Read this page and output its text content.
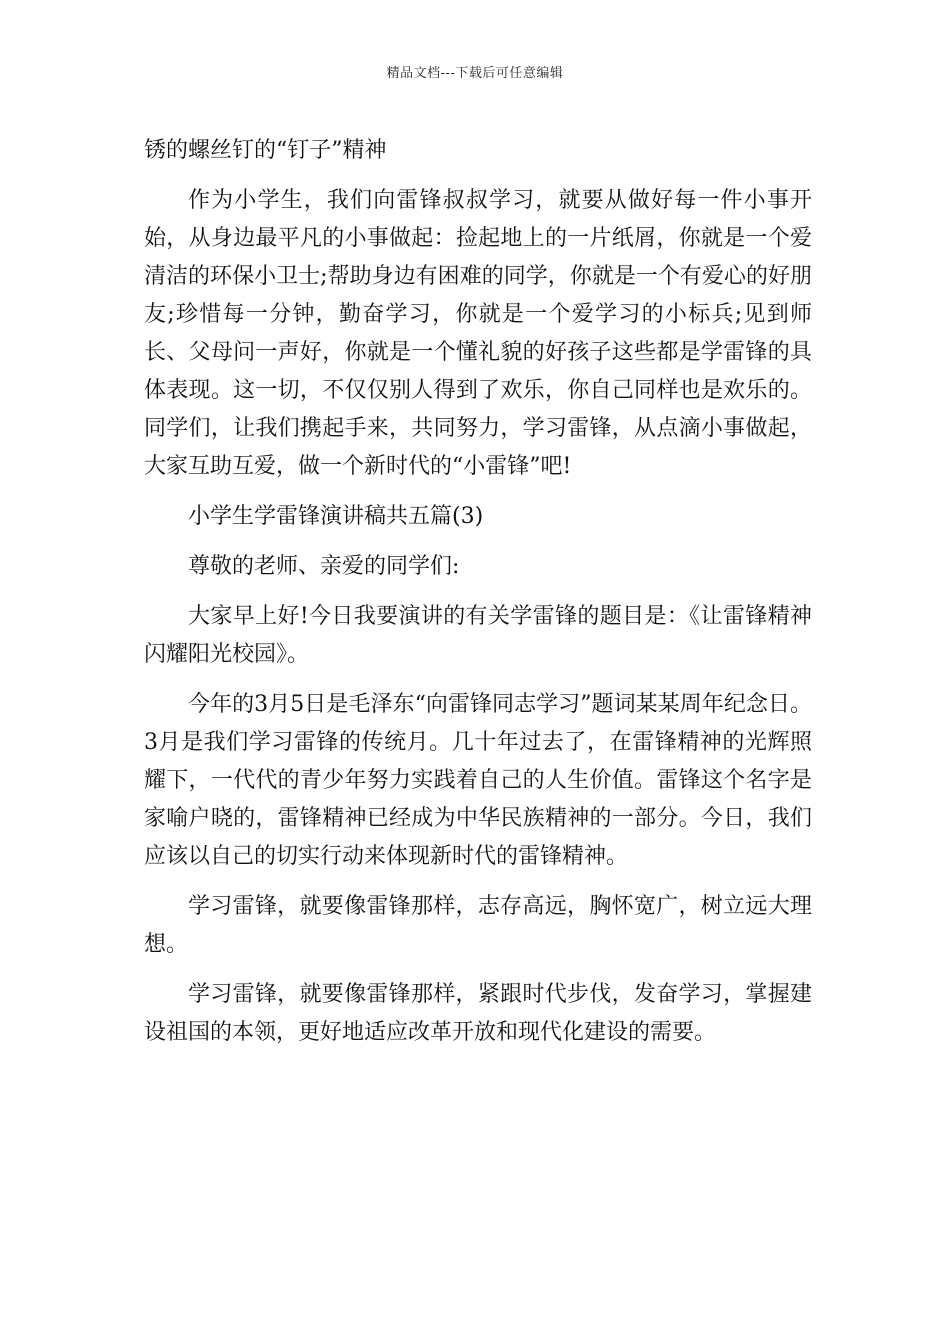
精品文档---下载后可任意编辑

锈的螺丝钉的“钉子”精神

作为小学生，我们向雷锋叔叔学习，就要从做好每一件小事开始，从身边最平凡的小事做起：捡起地上的一片纸屑，你就是一个爱清洁的环保小卫士;帮助身边有困难的同学，你就是一个有爱心的好朋友;珍惜每一分钟，勤奋学习，你就是一个爱学习的小标兵;见到师长、父母问一声好，你就是一个懂礼貌的好孩子这些都是学雷锋的具体表现。这一切，不仅仅别人得到了欢乐，你自己同样也是欢乐的。同学们，让我们携起手来，共同努力，学习雷锋，从点滴小事做起，大家互助互爱，做一个新时代的“小雷锋”吧!

小学生学雷锋演讲稿共五篇(3)

尊敬的老师、亲爱的同学们:

大家早上好!今日我要演讲的有关学雷锋的题目是：《让雷锋精神闪耀阳光校园》。

今年的3月5日是毛泽东“向雷锋同志学习”题词某某周年纪念日。3月是我们学习雷锋的传统月。几十年过去了，在雷锋精神的光辉照耀下，一代代的青少年努力实践着自己的人生价值。雷锋这个名字是家喻户晓的，雷锋精神已经成为中华民族精神的一部分。今日，我们应该以自己的切实行动来体现新时代的雷锋精神。

学习雷锋，就要像雷锋那样，志存高远，胸怀宽广，树立远大理想。

学习雷锋，就要像雷锋那样，紧跟时代步伐，发奋学习，掌握建设祖国的本领，更好地适应改革开放和现代化建设的需要。
